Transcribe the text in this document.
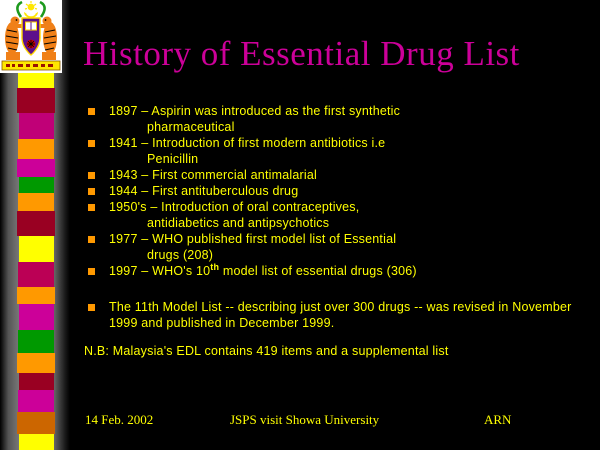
History of Essential Drug List
1897 – Aspirin was introduced as the first synthetic
pharmaceutical
1941 – Introduction of first modern antibiotics i.e
Penicillin
1943 – First commercial antimalarial
1944 – First antituberculous drug
1950's – Introduction of oral contraceptives,
antidiabetics and antipsychotics
1977 – WHO published first model list of Essential
drugs (208)
1997 – WHO's 10th model list of essential drugs (306)
The 11th Model List -- describing just over 300 drugs -- was revised in November
1999 and published in December 1999.
N.B: Malaysia's EDL contains 419 items and a supplemental list
14 Feb. 2002	JSPS visit Showa University	ARN
